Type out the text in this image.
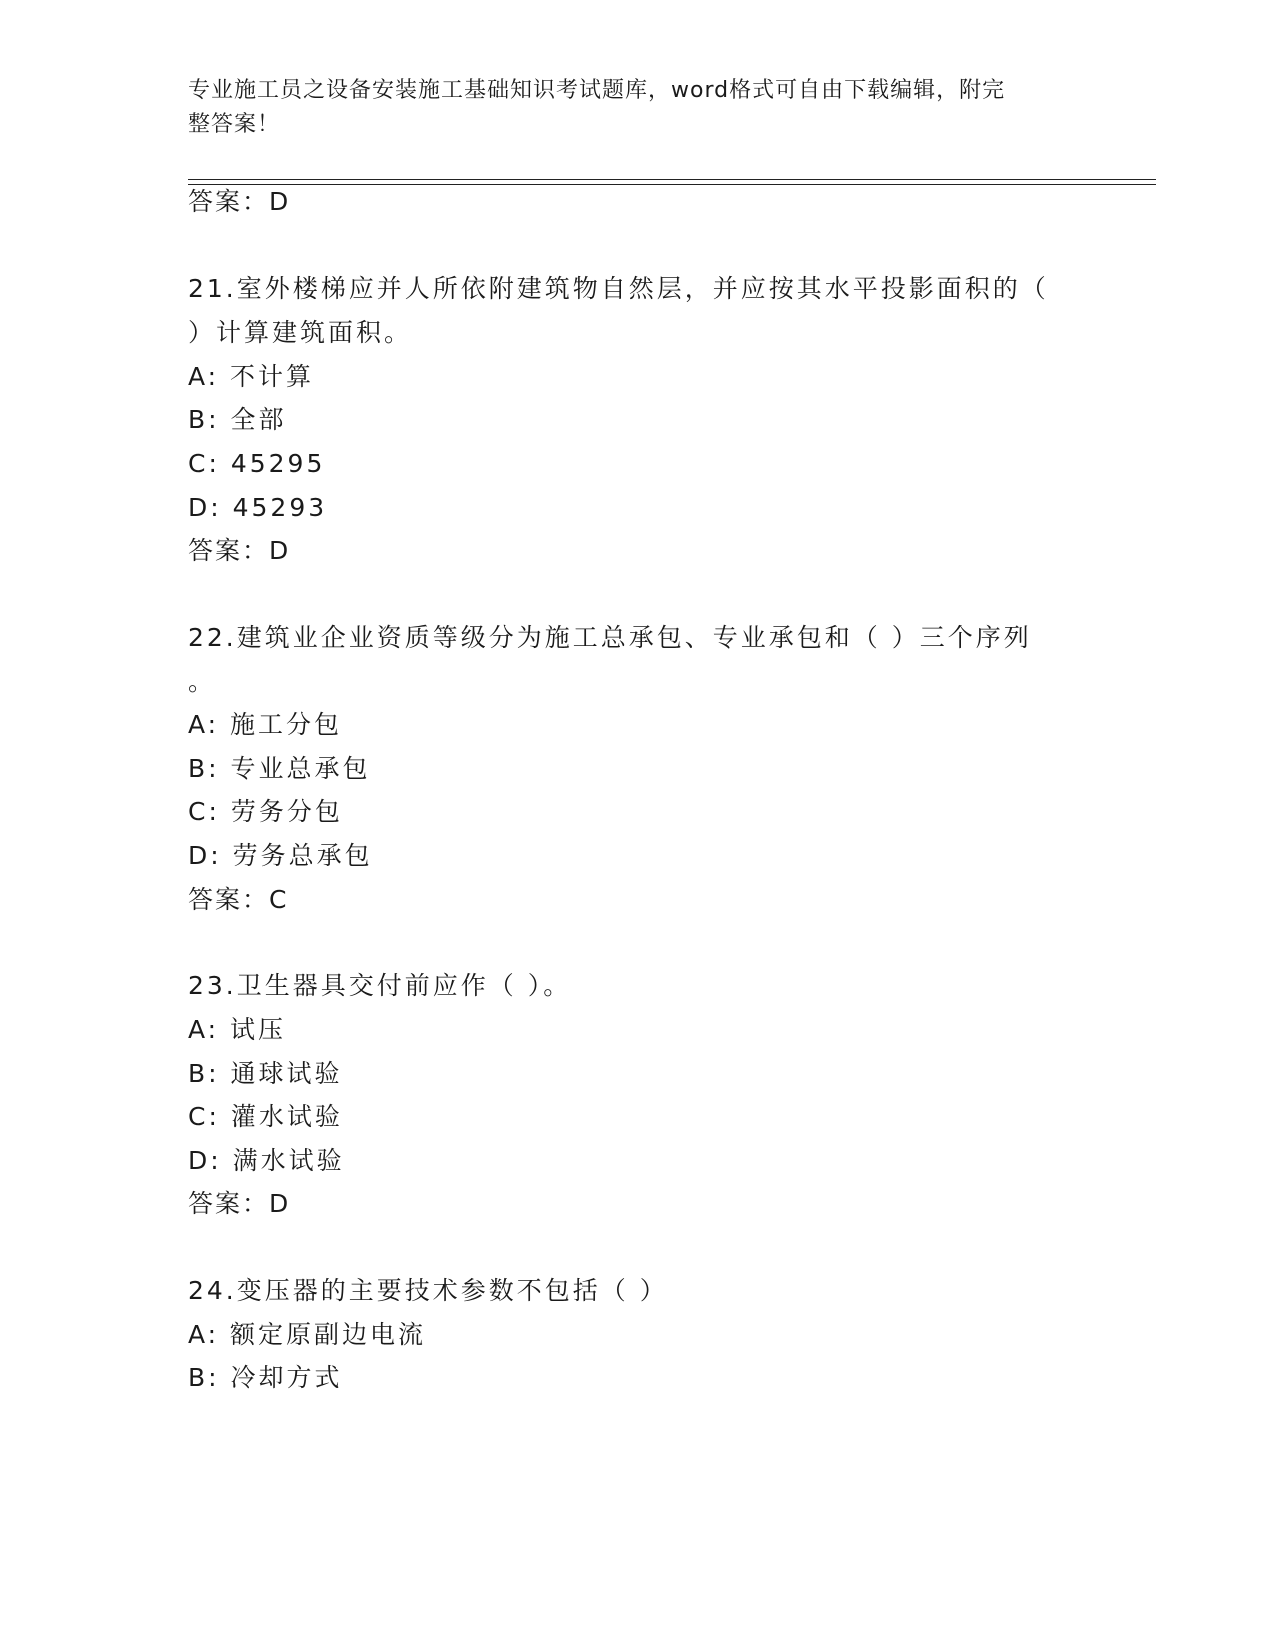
专业施工员之设备安装施工基础知识考试题库，word格式可自由下载编辑，附完
整答案！
答案：D
21.室外楼梯应并人所依附建筑物自然层，并应按其水平投影面积的（
）计算建筑面积。
A: 不计算
B: 全部
C: 45295
D: 45293
答案：D
22.建筑业企业资质等级分为施工总承包、专业承包和（ ）三个序列
。
A: 施工分包
B: 专业总承包
C: 劳务分包
D: 劳务总承包
答案：C
23.卫生器具交付前应作（ ）。
A: 试压
B: 通球试验
C: 灌水试验
D: 满水试验
答案：D
24.变压器的主要技术参数不包括（ ）
A: 额定原副边电流
B: 冷却方式
